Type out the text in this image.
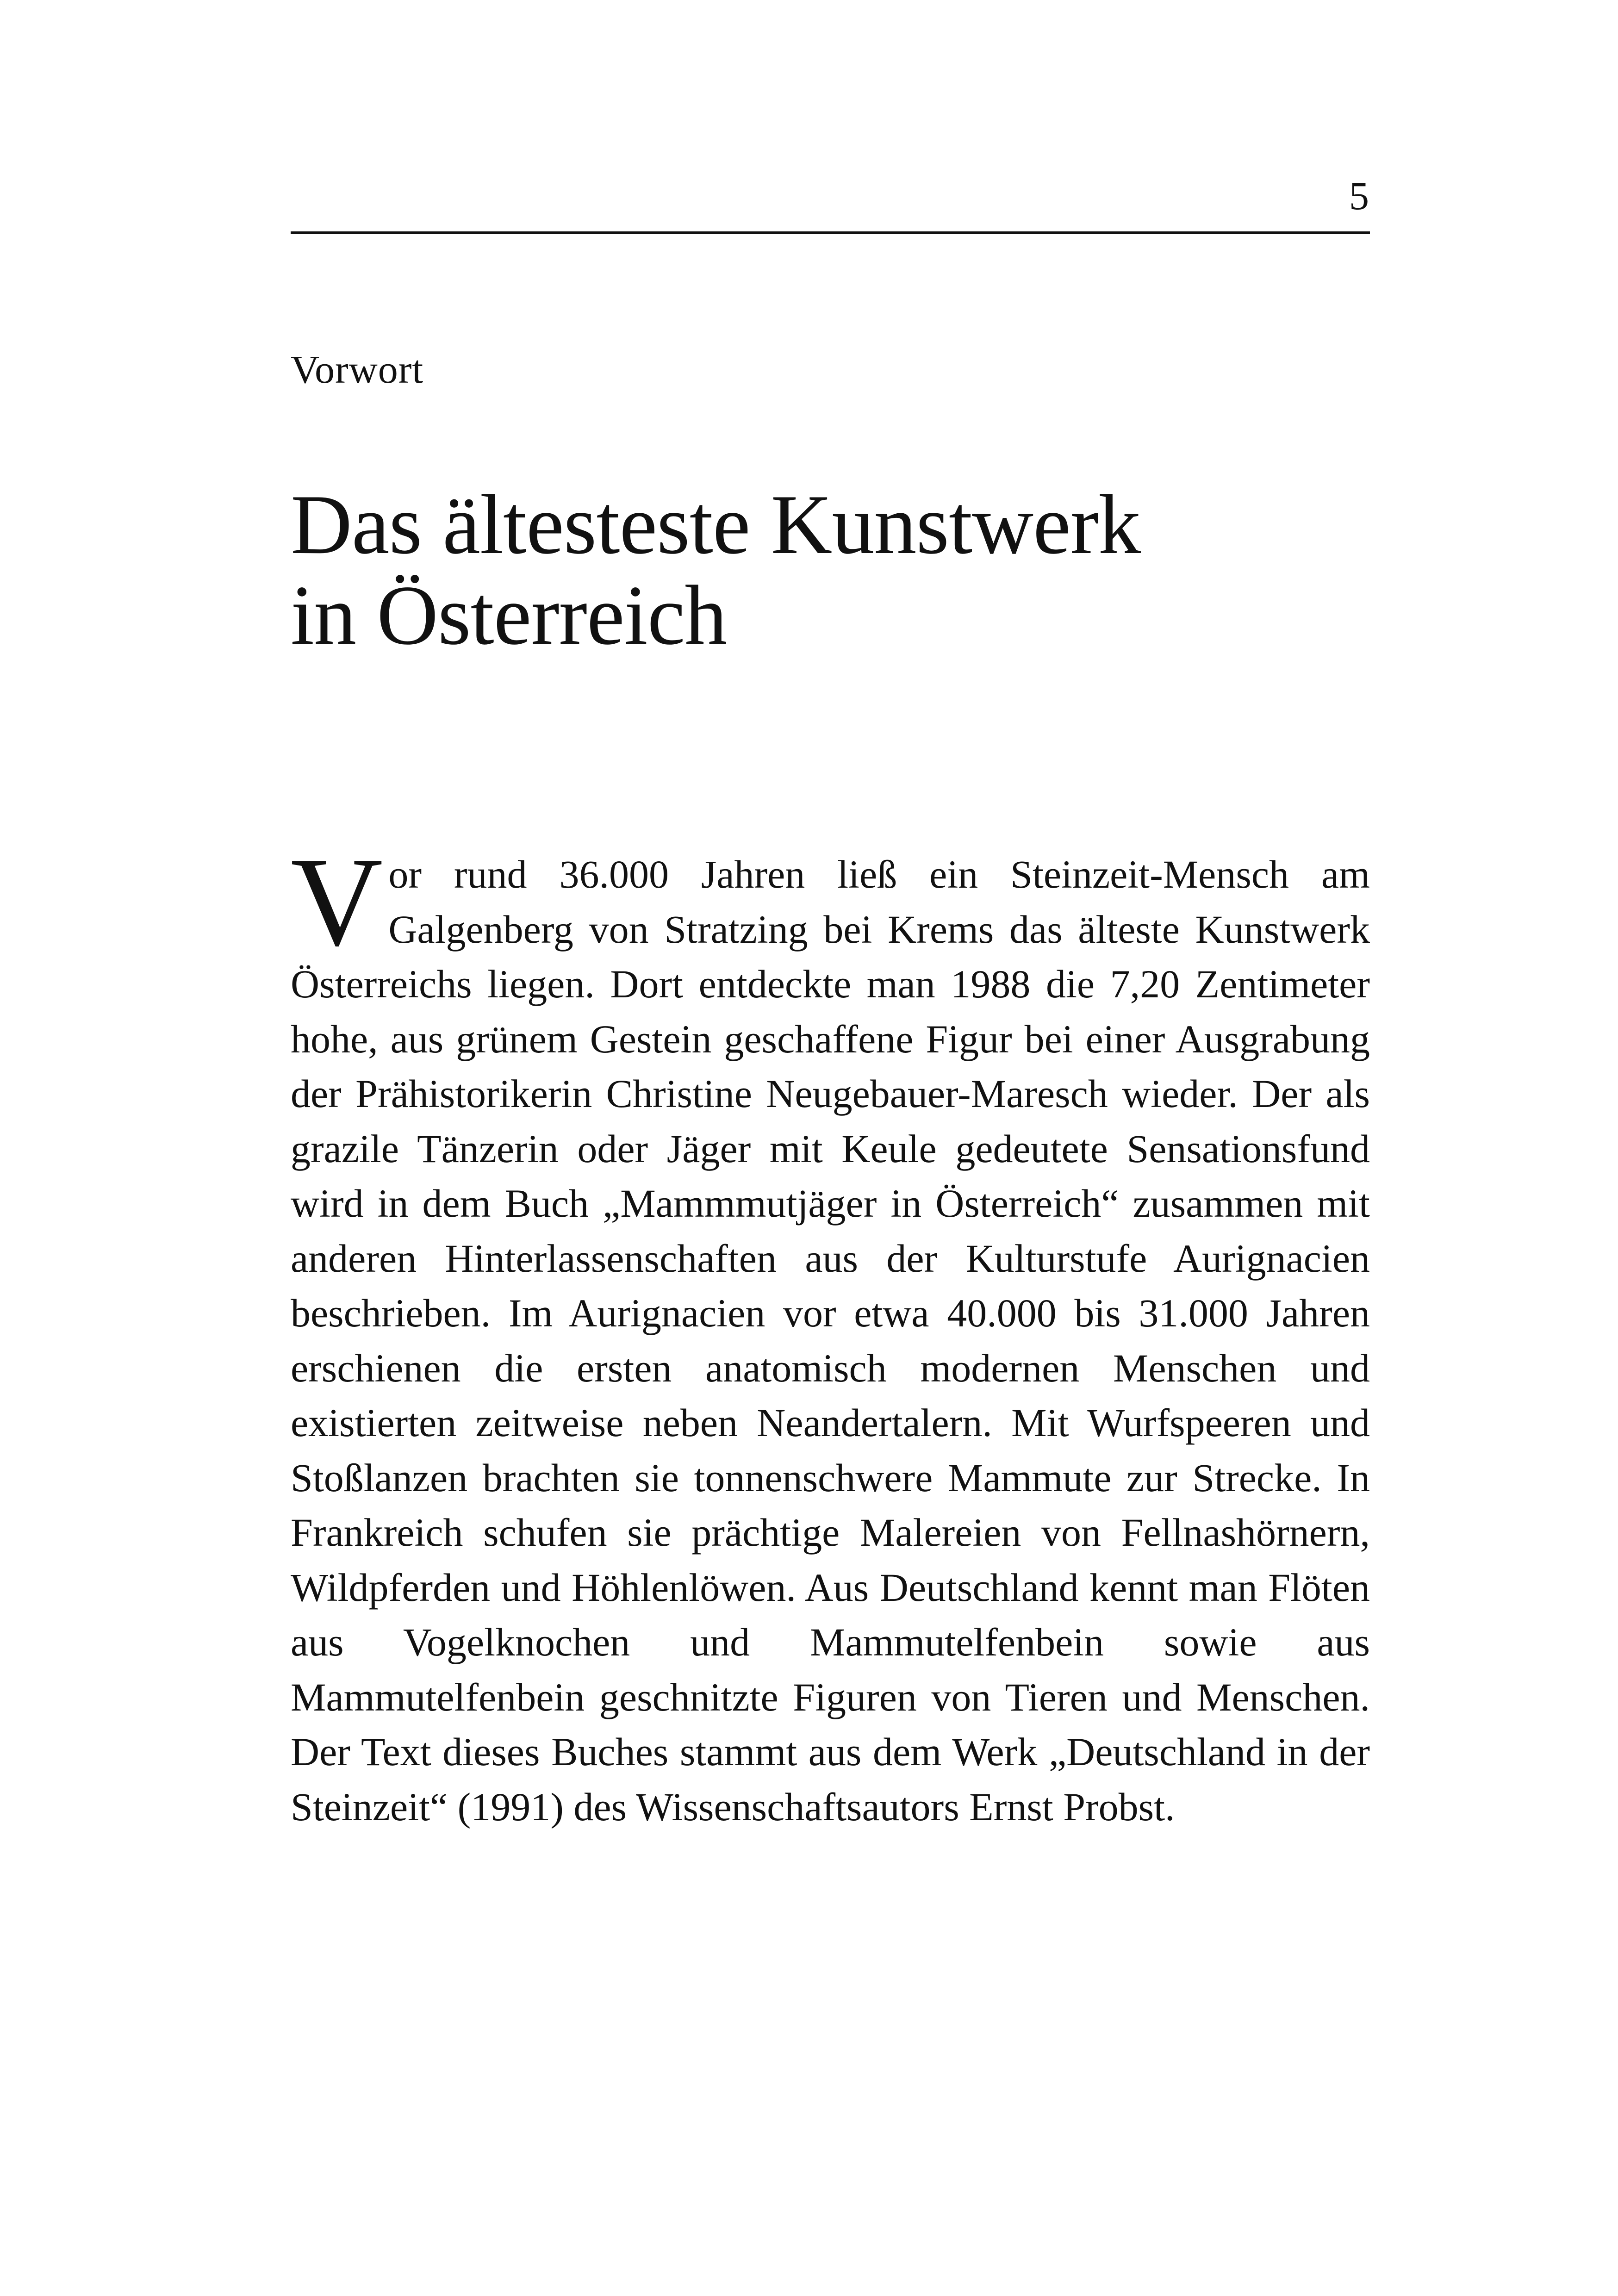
5
Vorwort
Das ältesteste Kunstwerk
in Österreich

V or rund 36.000 Jahren ließ ein Steinzeit-Mensch am Galgenberg von Stratzing bei Krems das älteste Kunstwerk Österreichs liegen. Dort entdeckte man 1988 die 7,20 Zentimeter hohe, aus grünem Gestein geschaffene Figur bei einer Ausgrabung der Prähistorikerin Christine Neugebauer-Maresch wieder. Der als grazile Tänzerin oder Jäger mit Keule gedeutete Sensationsfund wird in dem Buch „Mammmutjäger in Österreich“ zusammen mit anderen Hinterlassenschaften aus der Kulturstufe Aurignacien beschrieben. Im Aurignacien vor etwa 40.000 bis 31.000 Jahren erschienen die ersten anatomisch modernen Menschen und existierten zeitweise neben Neandertalern. Mit Wurfspeeren und Stoßlanzen brachten sie tonnenschwere Mammute zur Strecke. In Frankreich schufen sie prächtige Malereien von Fellnashörnern, Wildpferden und Höhlenlöwen. Aus Deutschland kennt man Flöten aus Vogelknochen und Mammutelfenbein sowie aus Mammutelfenbein geschnitzte Figuren von Tieren und Menschen. Der Text dieses Buches stammt aus dem Werk „Deutschland in der Steinzeit“ (1991) des Wissenschaftsautors Ernst Probst.
